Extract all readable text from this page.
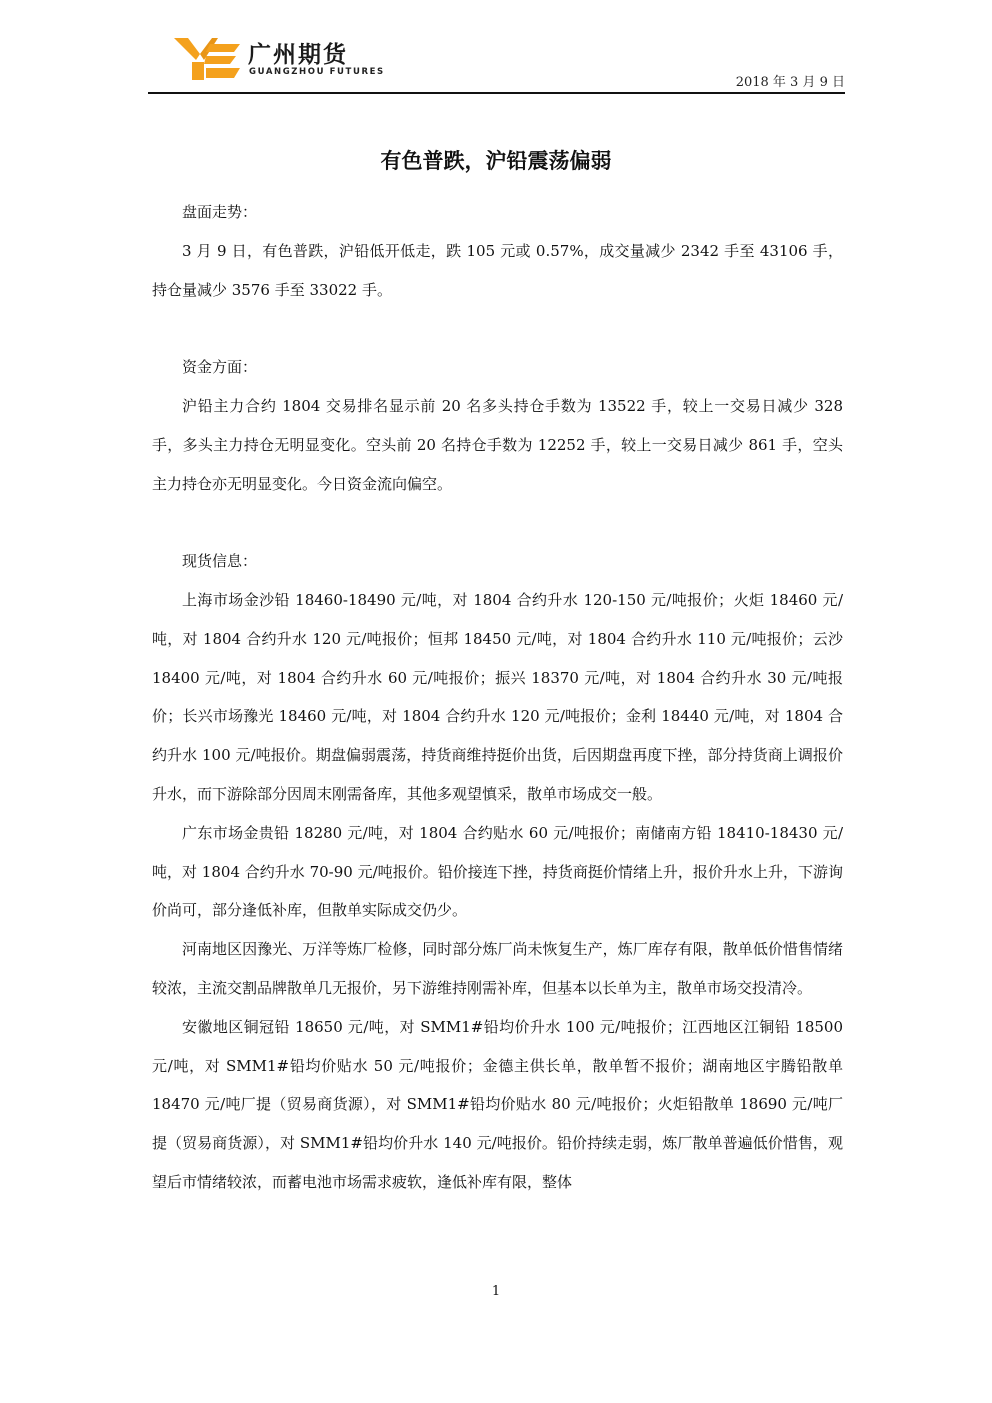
广州期货
GUANGZHOU FUTURES
2018 年 3 月 9 日
有色普跌，沪铅震荡偏弱

盘面走势：

3 月 9 日，有色普跌，沪铅低开低走，跌 105 元或 0.57%，成交量减少 2342 手至 43106 手，持仓量减少 3576 手至 33022 手。

资金方面：

沪铅主力合约 1804 交易排名显示前 20 名多头持仓手数为 13522 手，较上一交易日减少 328 手，多头主力持仓无明显变化。空头前 20 名持仓手数为 12252 手，较上一交易日减少 861 手，空头主力持仓亦无明显变化。今日资金流向偏空。

现货信息：

上海市场金沙铅 18460-18490 元/吨，对 1804 合约升水 120-150 元/吨报价；火炬 18460 元/吨，对 1804 合约升水 120 元/吨报价；恒邦 18450 元/吨，对 1804 合约升水 110 元/吨报价；云沙 18400 元/吨，对 1804 合约升水 60 元/吨报价；振兴 18370 元/吨，对 1804 合约升水 30 元/吨报价；长兴市场豫光 18460 元/吨，对 1804 合约升水 120 元/吨报价；金利 18440 元/吨，对 1804 合约升水 100 元/吨报价。期盘偏弱震荡，持货商维持挺价出货，后因期盘再度下挫，部分持货商上调报价升水，而下游除部分因周末刚需备库，其他多观望慎采，散单市场成交一般。

广东市场金贵铅 18280 元/吨，对 1804 合约贴水 60 元/吨报价；南储南方铅 18410-18430 元/吨，对 1804 合约升水 70-90 元/吨报价。铅价接连下挫，持货商挺价情绪上升，报价升水上升，下游询价尚可，部分逢低补库，但散单实际成交仍少。

河南地区因豫光、万洋等炼厂检修，同时部分炼厂尚未恢复生产，炼厂库存有限，散单低价惜售情绪较浓，主流交割品牌散单几无报价，另下游维持刚需补库，但基本以长单为主，散单市场交投清冷。

安徽地区铜冠铅 18650 元/吨，对 SMM1#铅均价升水 100 元/吨报价；江西地区江铜铅 18500 元/吨，对 SMM1#铅均价贴水 50 元/吨报价；金德主供长单，散单暂不报价；湖南地区宇腾铅散单 18470 元/吨厂提（贸易商货源），对 SMM1#铅均价贴水 80 元/吨报价；火炬铅散单 18690 元/吨厂提（贸易商货源），对 SMM1#铅均价升水 140 元/吨报价。铅价持续走弱，炼厂散单普遍低价惜售，观望后市情绪较浓，而蓄电池市场需求疲软，逢低补库有限，整体

1
